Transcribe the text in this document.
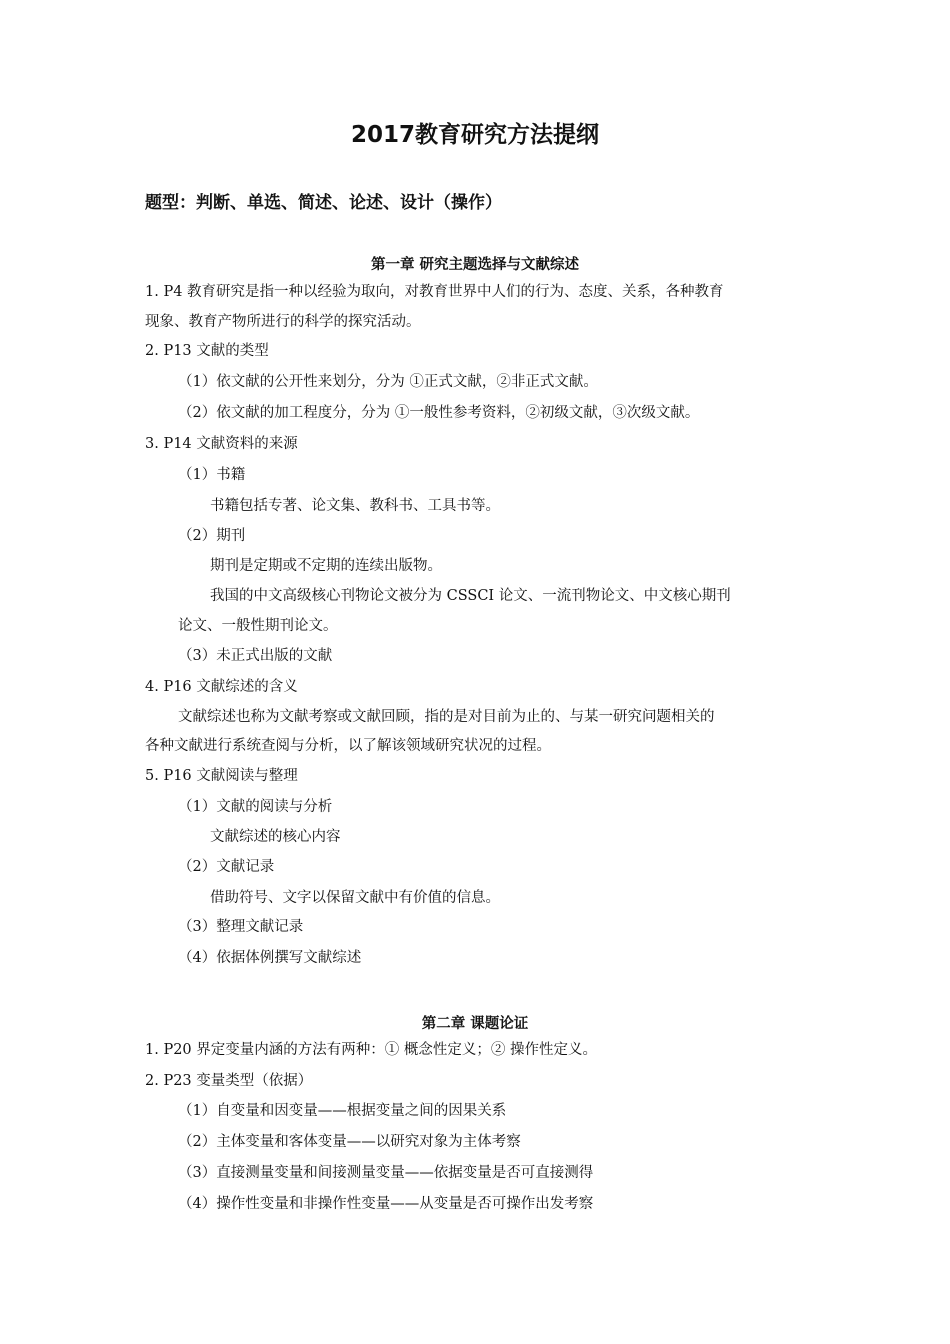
2017教育研究方法提纲
题型：判断、单选、简述、论述、设计（操作）
第一章 研究主题选择与文献综述
1. P4 教育研究是指一种以经验为取向，对教育世界中人们的行为、态度、关系，各种教育
现象、教育产物所进行的科学的探究活动。
2. P13 文献的类型
（1）依文献的公开性来划分，分为 ①正式文献，②非正式文献。
（2）依文献的加工程度分，分为 ①一般性参考资料，②初级文献，③次级文献。
3. P14 文献资料的来源
（1）书籍
书籍包括专著、论文集、教科书、工具书等。
（2）期刊
期刊是定期或不定期的连续出版物。
我国的中文高级核心刊物论文被分为 CSSCI 论文、一流刊物论文、中文核心期刊
论文、一般性期刊论文。
（3）未正式出版的文献
4. P16 文献综述的含义
文献综述也称为文献考察或文献回顾，指的是对目前为止的、与某一研究问题相关的
各种文献进行系统查阅与分析，以了解该领域研究状况的过程。
5. P16 文献阅读与整理
（1）文献的阅读与分析
文献综述的核心内容
（2）文献记录
借助符号、文字以保留文献中有价值的信息。
（3）整理文献记录
（4）依据体例撰写文献综述
第二章 课题论证
1. P20 界定变量内涵的方法有两种：① 概念性定义；② 操作性定义。
2. P23 变量类型（依据）
（1）自变量和因变量——根据变量之间的因果关系
（2）主体变量和客体变量——以研究对象为主体考察
（3）直接测量变量和间接测量变量——依据变量是否可直接测得
（4）操作性变量和非操作性变量——从变量是否可操作出发考察
